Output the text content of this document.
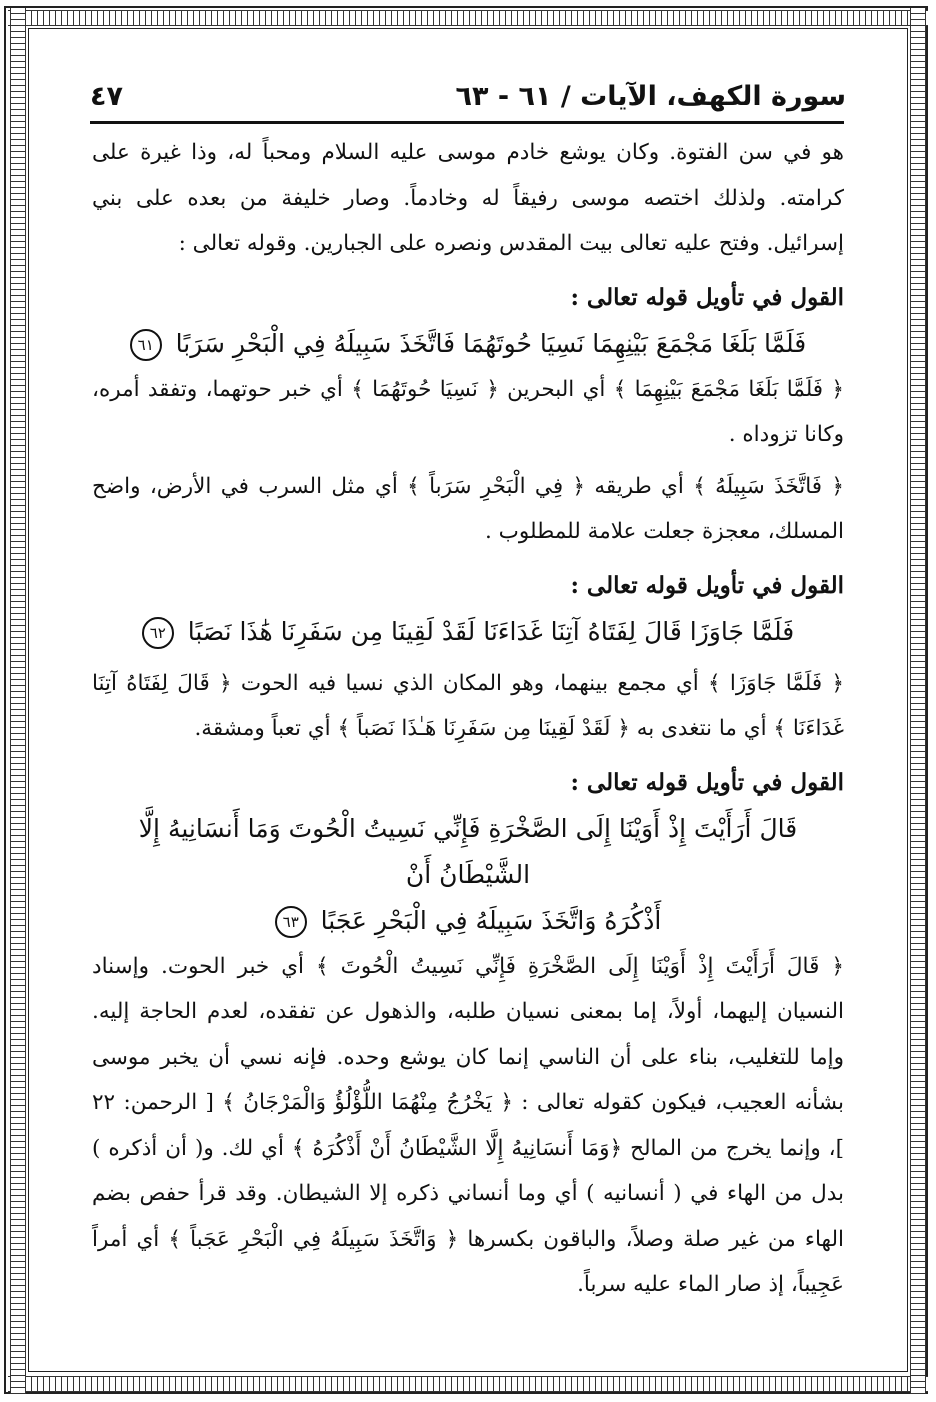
سورة الكهف، الآيات / ٦١ - ٦٣
٤٧

هو في سن الفتوة. وكان يوشع خادم موسى عليه السلام ومحباً له، وذا غيرة على كرامته. ولذلك اختصه موسى رفيقاً له وخادماً. وصار خليفة من بعده على بني إسرائيل. وفتح عليه تعالى بيت المقدس ونصره على الجبارين. وقوله تعالى :

القول في تأويل قوله تعالى :

فَلَمَّا بَلَغَا مَجْمَعَ بَيْنِهِمَا نَسِيَا حُوتَهُمَا فَاتَّخَذَ سَبِيلَهُ فِي الْبَحْرِ سَرَبًا ٦١

﴿ فَلَمَّا بَلَغَا مَجْمَعَ بَيْنِهِمَا ﴾ أي البحرين ﴿ نَسِيَا حُوتَهُمَا ﴾ أي خبر حوتهما، وتفقد أمره، وكانا تزوداه .

﴿ فَاتَّخَذَ سَبِيلَهُ ﴾ أي طريقه ﴿ فِي الْبَحْرِ سَرَباً ﴾ أي مثل السرب في الأرض، واضح المسلك، معجزة جعلت علامة للمطلوب .

القول في تأويل قوله تعالى :

فَلَمَّا جَاوَزَا قَالَ لِفَتَاهُ آتِنَا غَدَاءَنَا لَقَدْ لَقِينَا مِن سَفَرِنَا هَٰذَا نَصَبًا ٦٢

﴿ فَلَمَّا جَاوَزَا ﴾ أي مجمع بينهما، وهو المكان الذي نسيا فيه الحوت ﴿ قَالَ لِفَتَاهُ آتِنَا غَدَاءَنَا ﴾ أي ما نتغدى به ﴿ لَقَدْ لَقِينَا مِن سَفَرِنَا هَـٰذَا نَصَباً ﴾ أي تعباً ومشقة.

القول في تأويل قوله تعالى :

قَالَ أَرَأَيْتَ إِذْ أَوَيْنَا إِلَى الصَّخْرَةِ فَإِنِّي نَسِيتُ الْحُوتَ وَمَا أَنسَانِيهُ إِلَّا الشَّيْطَانُ أَنْ

أَذْكُرَهُ وَاتَّخَذَ سَبِيلَهُ فِي الْبَحْرِ عَجَبًا ٦٣

﴿ قَالَ أَرَأَيْتَ إِذْ أَوَيْنَا إِلَى الصَّخْرَةِ فَإِنِّي نَسِيتُ الْحُوتَ ﴾ أي خبر الحوت. وإسناد النسيان إليهما، أولاً، إما بمعنى نسيان طلبه، والذهول عن تفقده، لعدم الحاجة إليه. وإما للتغليب، بناء على أن الناسي إنما كان يوشع وحده. فإنه نسي أن يخبر موسى بشأنه العجيب، فيكون كقوله تعالى : ﴿ يَخْرُجُ مِنْهُمَا اللُّؤْلُؤُ وَالْمَرْجَانُ ﴾ [ الرحمن: ٢٢ ]، وإنما يخرج من المالح ﴿وَمَا أَنسَانِيهُ إِلَّا الشَّيْطَانُ أَنْ أَذْكُرَهُ ﴾ أي لك. و( أن أذكره ) بدل من الهاء في ( أنسانيه ) أي وما أنساني ذكره إلا الشيطان. وقد قرأ حفص بضم الهاء من غير صلة وصلاً، والباقون بكسرها ﴿ وَاتَّخَذَ سَبِيلَهُ فِي الْبَحْرِ عَجَباً ﴾ أي أمراً عَجِيباً، إذ صار الماء عليه سرباً.
